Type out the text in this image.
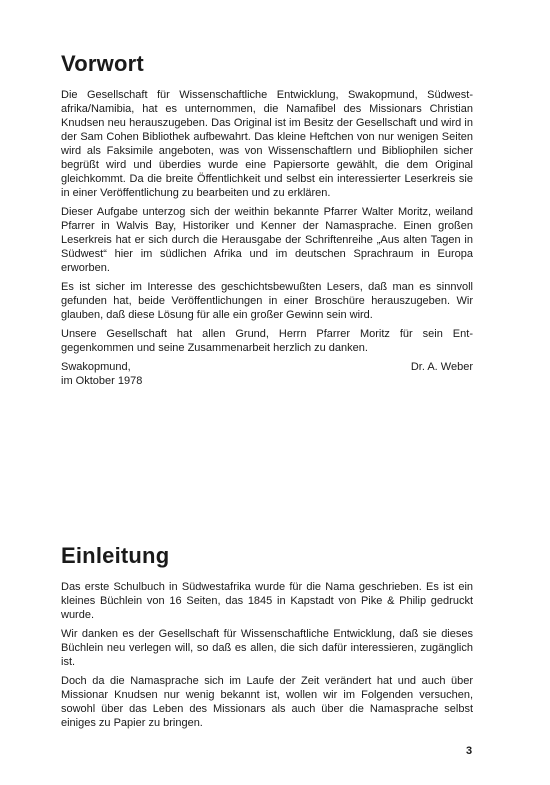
Vorwort

Die Gesellschaft für Wissenschaftliche Entwicklung, Swakopmund, Südwestafrika/Namibia, hat es unternommen, die Namafibel des Missionars Christian Knudsen neu herauszugeben. Das Original ist im Besitz der Gesellschaft und wird in der Sam Cohen Bibliothek aufbewahrt. Das kleine Heftchen von nur wenigen Seiten wird als Faksimile angeboten, was von Wissenschaftlern und Bibliophilen sicher begrüßt wird und überdies wurde eine Papiersorte gewählt, die dem Original gleichkommt. Da die breite Öffentlichkeit und selbst ein interessierter Leserkreis sie in einer Veröffentlichung zu bearbeiten und zu erklären.

Dieser Aufgabe unterzog sich der weithin bekannte Pfarrer Walter Moritz, weiland Pfarrer in Walvis Bay, Historiker und Kenner der Namasprache. Einen großen Leserkreis hat er sich durch die Herausgabe der Schriftenreihe „Aus alten Tagen in Südwest“ hier im südlichen Afrika und im deutschen Sprachraum in Europa erworben.

Es ist sicher im Interesse des geschichtsbewußten Lesers, daß man es sinnvoll gefunden hat, beide Veröffentlichungen in einer Broschüre herauszugeben. Wir glauben, daß diese Lösung für alle ein großer Gewinn sein wird.

Unsere Gesellschaft hat allen Grund, Herrn Pfarrer Moritz für sein Entgegenkommen und seine Zusammenarbeit herzlich zu danken.

Swakopmund,
im Oktober 1978
Dr. A. Weber
Einleitung

Das erste Schulbuch in Südwestafrika wurde für die Nama geschrieben. Es ist ein kleines Büchlein von 16 Seiten, das 1845 in Kapstadt von Pike & Philip gedruckt wurde.

Wir danken es der Gesellschaft für Wissenschaftliche Entwicklung, daß sie dieses Büchlein neu verlegen will, so daß es allen, die sich dafür interessieren, zugänglich ist.

Doch da die Namasprache sich im Laufe der Zeit verändert hat und auch über Missionar Knudsen nur wenig bekannt ist, wollen wir im Folgenden versuchen, sowohl über das Leben des Missionars als auch über die Namasprache selbst einiges zu Papier zu bringen.

3
